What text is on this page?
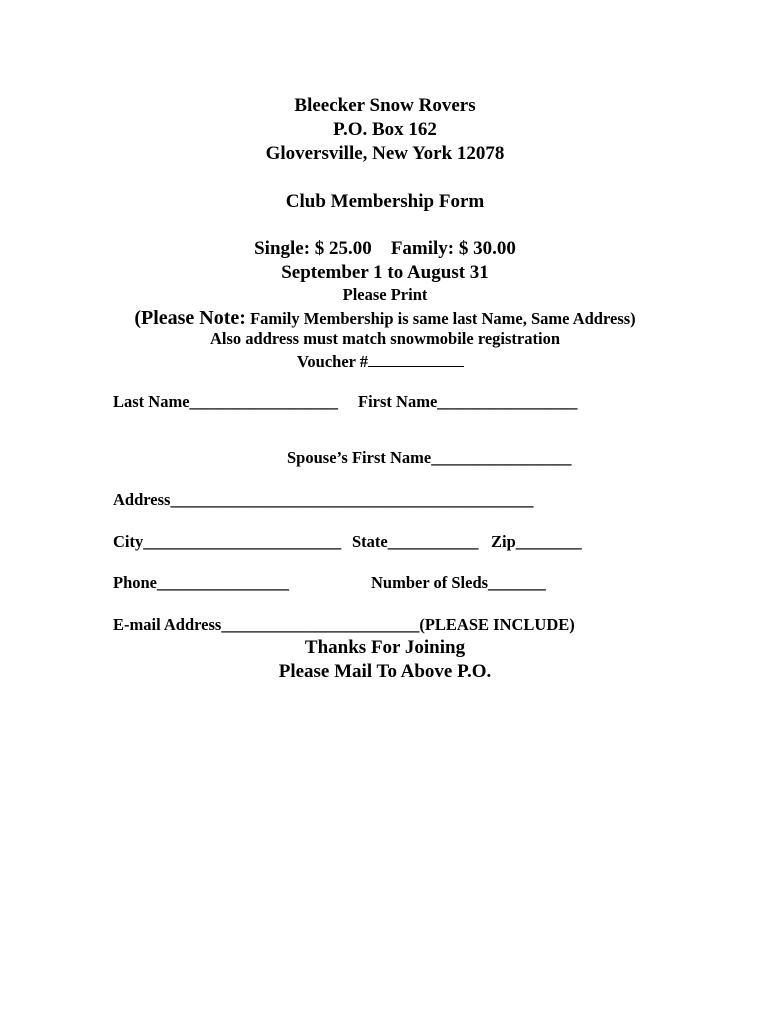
Bleecker Snow Rovers
P.O. Box 162
Gloversville, New York 12078
Club Membership Form
Single: $ 25.00 Family: $ 30.00
September 1 to August 31
Please Print
(Please Note: Family Membership is same last Name, Same Address)
Also address must match snowmobile registration
Voucher #
Last Name__________________ First Name_________________
Spouse’s First Name_________________
Address____________________________________________
City________________________ State___________ Zip________
Phone________________	Number of Sleds_______
E-mail Address________________________(PLEASE INCLUDE)
Thanks For Joining
Please Mail To Above P.O.
